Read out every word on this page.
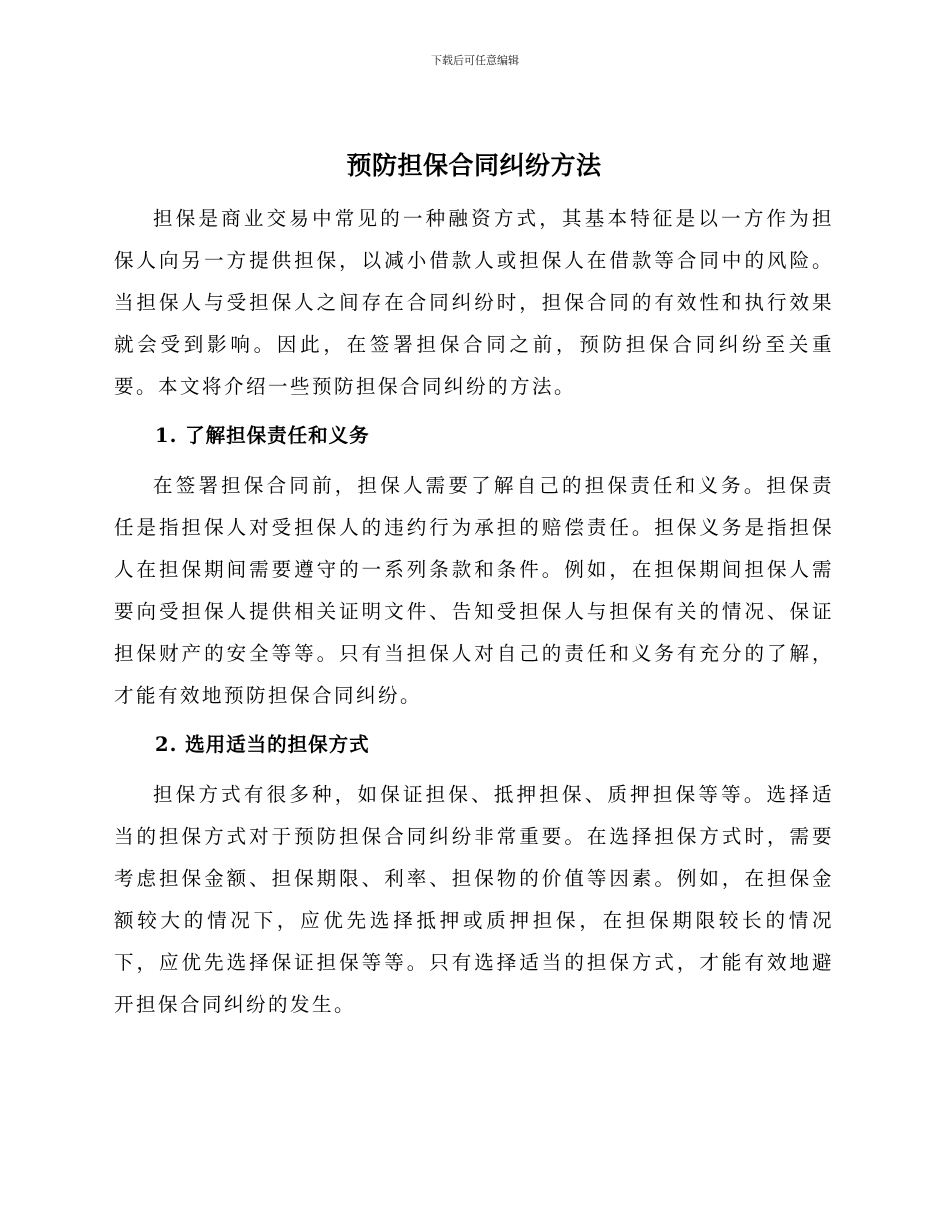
下载后可任意编辑
预防担保合同纠纷方法

担保是商业交易中常见的一种融资方式，其基本特征是以一方作为担保人向另一方提供担保，以减小借款人或担保人在借款等合同中的风险。当担保人与受担保人之间存在合同纠纷时，担保合同的有效性和执行效果就会受到影响。因此，在签署担保合同之前，预防担保合同纠纷至关重要。本文将介绍一些预防担保合同纠纷的方法。

1. 了解担保责任和义务

在签署担保合同前，担保人需要了解自己的担保责任和义务。担保责任是指担保人对受担保人的违约行为承担的赔偿责任。担保义务是指担保人在担保期间需要遵守的一系列条款和条件。例如，在担保期间担保人需要向受担保人提供相关证明文件、告知受担保人与担保有关的情况、保证担保财产的安全等等。只有当担保人对自己的责任和义务有充分的了解，才能有效地预防担保合同纠纷。

2. 选用适当的担保方式

担保方式有很多种，如保证担保、抵押担保、质押担保等等。选择适当的担保方式对于预防担保合同纠纷非常重要。在选择担保方式时，需要考虑担保金额、担保期限、利率、担保物的价值等因素。例如，在担保金额较大的情况下，应优先选择抵押或质押担保，在担保期限较长的情况下，应优先选择保证担保等等。只有选择适当的担保方式，才能有效地避开担保合同纠纷的发生。
